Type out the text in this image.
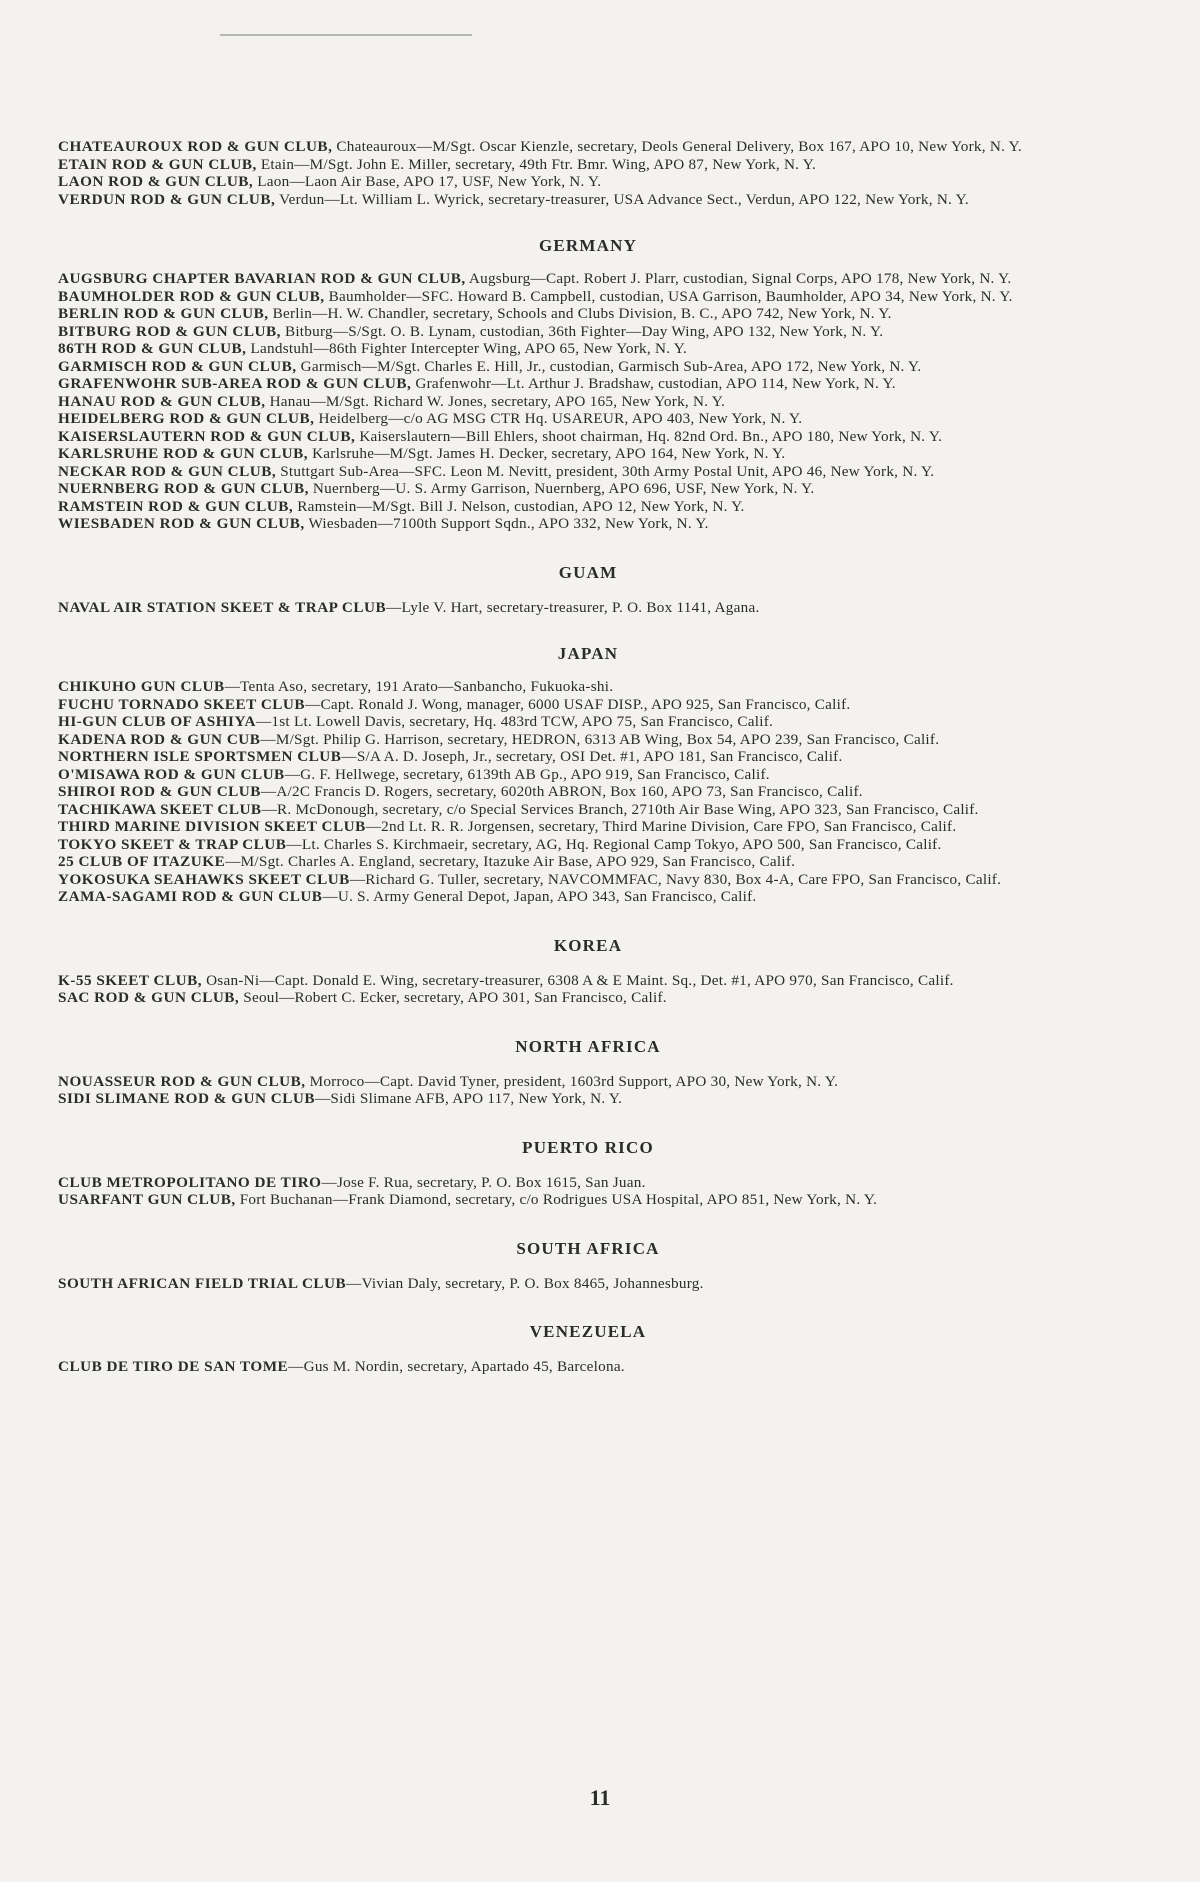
CHATEAUROUX ROD & GUN CLUB, Chateauroux—M/Sgt. Oscar Kienzle, secretary, Deols General Delivery, Box 167, APO 10, New York, N. Y.

ETAIN ROD & GUN CLUB, Etain—M/Sgt. John E. Miller, secretary, 49th Ftr. Bmr. Wing, APO 87, New York, N. Y.

LAON ROD & GUN CLUB, Laon—Laon Air Base, APO 17, USF, New York, N. Y.

VERDUN ROD & GUN CLUB, Verdun—Lt. William L. Wyrick, secretary-treasurer, USA Advance Sect., Verdun, APO 122, New York, N. Y.

GERMANY

AUGSBURG CHAPTER BAVARIAN ROD & GUN CLUB, Augsburg—Capt. Robert J. Plarr, custodian, Signal Corps, APO 178, New York, N. Y.

BAUMHOLDER ROD & GUN CLUB, Baumholder—SFC. Howard B. Campbell, custodian, USA Garrison, Baumholder, APO 34, New York, N. Y.

BERLIN ROD & GUN CLUB, Berlin—H. W. Chandler, secretary, Schools and Clubs Division, B. C., APO 742, New York, N. Y.

BITBURG ROD & GUN CLUB, Bitburg—S/Sgt. O. B. Lynam, custodian, 36th Fighter—Day Wing, APO 132, New York, N. Y.

86TH ROD & GUN CLUB, Landstuhl—86th Fighter Intercepter Wing, APO 65, New York, N. Y.

GARMISCH ROD & GUN CLUB, Garmisch—M/Sgt. Charles E. Hill, Jr., custodian, Garmisch Sub-Area, APO 172, New York, N. Y.

GRAFENWOHR SUB-AREA ROD & GUN CLUB, Grafenwohr—Lt. Arthur J. Bradshaw, custodian, APO 114, New York, N. Y.

HANAU ROD & GUN CLUB, Hanau—M/Sgt. Richard W. Jones, secretary, APO 165, New York, N. Y.

HEIDELBERG ROD & GUN CLUB, Heidelberg—c/o AG MSG CTR Hq. USAREUR, APO 403, New York, N. Y.

KAISERSLAUTERN ROD & GUN CLUB, Kaiserslautern—Bill Ehlers, shoot chairman, Hq. 82nd Ord. Bn., APO 180, New York, N. Y.

KARLSRUHE ROD & GUN CLUB, Karlsruhe—M/Sgt. James H. Decker, secretary, APO 164, New York, N. Y.

NECKAR ROD & GUN CLUB, Stuttgart Sub-Area—SFC. Leon M. Nevitt, president, 30th Army Postal Unit, APO 46, New York, N. Y.

NUERNBERG ROD & GUN CLUB, Nuernberg—U. S. Army Garrison, Nuernberg, APO 696, USF, New York, N. Y.

RAMSTEIN ROD & GUN CLUB, Ramstein—M/Sgt. Bill J. Nelson, custodian, APO 12, New York, N. Y.

WIESBADEN ROD & GUN CLUB, Wiesbaden—7100th Support Sqdn., APO 332, New York, N. Y.

GUAM

NAVAL AIR STATION SKEET & TRAP CLUB—Lyle V. Hart, secretary-treasurer, P. O. Box 1141, Agana.

JAPAN

CHIKUHO GUN CLUB—Tenta Aso, secretary, 191 Arato—Sanbancho, Fukuoka-shi.

FUCHU TORNADO SKEET CLUB—Capt. Ronald J. Wong, manager, 6000 USAF DISP., APO 925, San Francisco, Calif.

HI-GUN CLUB OF ASHIYA—1st Lt. Lowell Davis, secretary, Hq. 483rd TCW, APO 75, San Francisco, Calif.

KADENA ROD & GUN CUB—M/Sgt. Philip G. Harrison, secretary, HEDRON, 6313 AB Wing, Box 54, APO 239, San Francisco, Calif.

NORTHERN ISLE SPORTSMEN CLUB—S/A A. D. Joseph, Jr., secretary, OSI Det. #1, APO 181, San Francisco, Calif.

O'MISAWA ROD & GUN CLUB—G. F. Hellwege, secretary, 6139th AB Gp., APO 919, San Francisco, Calif.

SHIROI ROD & GUN CLUB—A/2C Francis D. Rogers, secretary, 6020th ABRON, Box 160, APO 73, San Francisco, Calif.

TACHIKAWA SKEET CLUB—R. McDonough, secretary, c/o Special Services Branch, 2710th Air Base Wing, APO 323, San Francisco, Calif.

THIRD MARINE DIVISION SKEET CLUB—2nd Lt. R. R. Jorgensen, secretary, Third Marine Division, Care FPO, San Francisco, Calif.

TOKYO SKEET & TRAP CLUB—Lt. Charles S. Kirchmaeir, secretary, AG, Hq. Regional Camp Tokyo, APO 500, San Francisco, Calif.

25 CLUB OF ITAZUKE—M/Sgt. Charles A. England, secretary, Itazuke Air Base, APO 929, San Francisco, Calif.

YOKOSUKA SEAHAWKS SKEET CLUB—Richard G. Tuller, secretary, NAVCOMMFAC, Navy 830, Box 4-A, Care FPO, San Francisco, Calif.

ZAMA-SAGAMI ROD & GUN CLUB—U. S. Army General Depot, Japan, APO 343, San Francisco, Calif.

KOREA

K-55 SKEET CLUB, Osan-Ni—Capt. Donald E. Wing, secretary-treasurer, 6308 A & E Maint. Sq., Det. #1, APO 970, San Francisco, Calif.

SAC ROD & GUN CLUB, Seoul—Robert C. Ecker, secretary, APO 301, San Francisco, Calif.

NORTH AFRICA

NOUASSEUR ROD & GUN CLUB, Morroco—Capt. David Tyner, president, 1603rd Support, APO 30, New York, N. Y.

SIDI SLIMANE ROD & GUN CLUB—Sidi Slimane AFB, APO 117, New York, N. Y.

PUERTO RICO

CLUB METROPOLITANO DE TIRO—Jose F. Rua, secretary, P. O. Box 1615, San Juan.

USARFANT GUN CLUB, Fort Buchanan—Frank Diamond, secretary, c/o Rodrigues USA Hospital, APO 851, New York, N. Y.

SOUTH AFRICA

SOUTH AFRICAN FIELD TRIAL CLUB—Vivian Daly, secretary, P. O. Box 8465, Johannesburg.

VENEZUELA

CLUB DE TIRO DE SAN TOME—Gus M. Nordin, secretary, Apartado 45, Barcelona.

11
